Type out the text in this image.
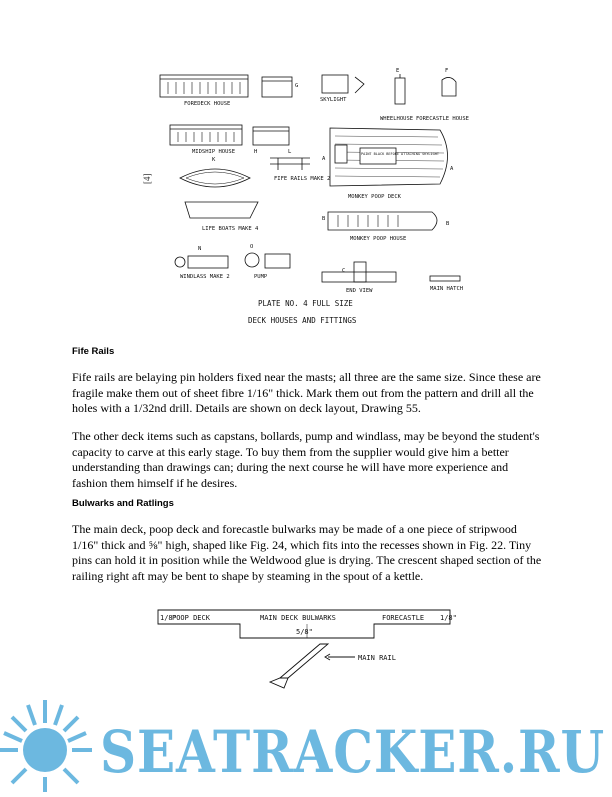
FOREDECK HOUSE
G
SKYLIGHT
E	F
WHEELHOUSE FORECASTLE HOUSE
MIDSHIP HOUSE	H
K
L
FIFE RAILS MAKE 2
LIFE BOATS MAKE 4
A
A
PAINT BLACK BEFORE ATTACHING SKYLIGHT
MONKEY POOP DECK
B
B
MONKEY POOP HOUSE
N	O
WINDLASS MAKE 2	PUMP
C
END VIEW	MAIN HATCH
[4]
PLATE NO. 4 FULL SIZE
DECK HOUSES AND FITTINGS
Fife Rails

Fife rails are belaying pin holders fixed near the masts; all three are the same size. Since these are fragile make them out of sheet fibre 1/16" thick. Mark them out from the pattern and drill all the holes with a 1/32nd drill. Details are shown on deck layout, Drawing 55.

The other deck items such as capstans, bollards, pump and windlass, may be beyond the student's capacity to carve at this early stage. To buy them from the supplier would give him a better understanding than drawings can; during the next course he will have more experience and fashion them himself if he desires.

Bulwarks and Ratlings

The main deck, poop deck and forecastle bulwarks may be made of a one piece of stripwood 1/16" thick and ⅝" high, shaped like Fig. 24, which fits into the recesses shown in Fig. 22. Tiny pins can hold it in position while the Weldwood glue is drying. The crescent shaped section of the railing right aft may be bent to shape by steaming in the spout of a kettle.

1/8"
POOP DECK	MAIN DECK BULWARKS	FORECASTLE 1/8"
5/8"
MAIN RAIL
SEATRACKER.RU
